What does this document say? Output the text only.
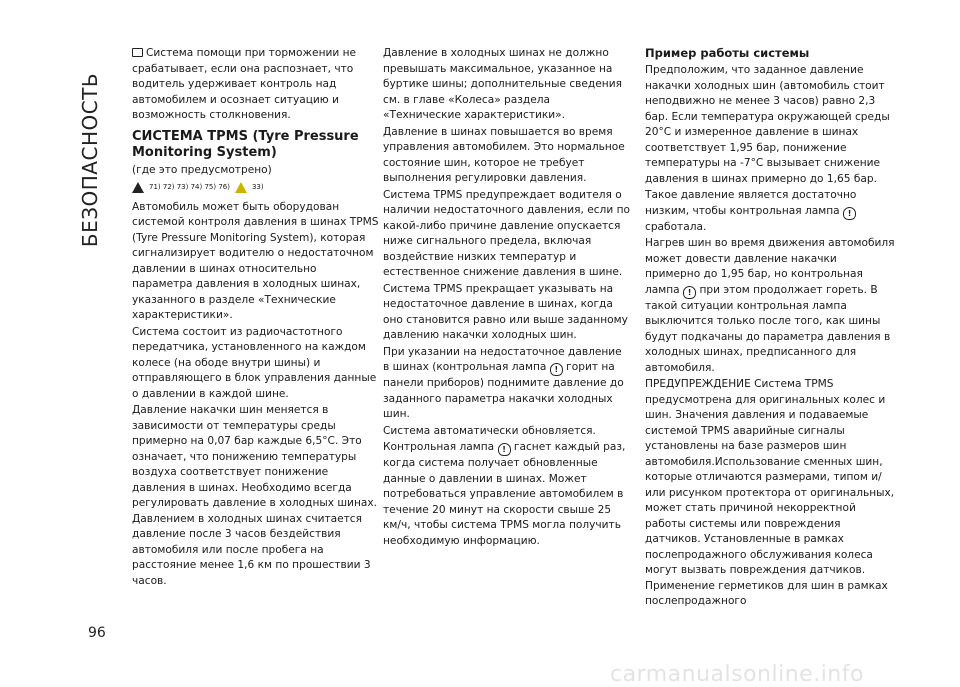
БЕЗОПАСНОСТЬ

Система помощи при торможении не срабатывает, если она распознает, что водитель удерживает контроль над автомобилем и осознает ситуацию и возможность столкновения.

СИСТЕМА TPMS (Tyre Pressure Monitoring System)

(где это предусмотрено)

71) 72) 73) 74) 75) 76)	33)

Автомобиль может быть оборудован системой контроля давления в шинах TPMS (Tyre Pressure Monitoring System), которая сигнализирует водителю о недостаточном давлении в шинах относительно параметра давления в холодных шинах, указанного в разделе «Технические характеристики».

Система состоит из радиочастотного передатчика, установленного на каждом колесе (на ободе внутри шины) и отправляющего в блок управления данные о давлении в каждой шине.

Давление накачки шин меняется в зависимости от температуры среды примерно на 0,07 бар каждые 6,5°C. Это означает, что понижению температуры воздуха соответствует понижение давления в шинах. Необходимо всегда регулировать давление в холодных шинах. Давлением в холодных шинах считается давление после 3 часов бездействия автомобиля или после пробега на расстояние менее 1,6 км по прошествии 3 часов.

Давление в холодных шинах не должно превышать максимальное, указанное на буртике шины; дополнительные сведения см. в главе «Колеса» раздела «Технические характеристики».

Давление в шинах повышается во время управления автомобилем. Это нормальное состояние шин, которое не требует выполнения регулировки давления.

Система TPMS предупреждает водителя о наличии недостаточного давления, если по какой-либо причине давление опускается ниже сигнального предела, включая воздействие низких температур и естественное снижение давления в шине.

Система TPMS прекращает указывать на недостаточное давление в шинах, когда оно становится равно или выше заданному давлению накачки холодных шин.

При указании на недостаточное давление в шинах (контрольная лампа ! горит на панели приборов) поднимите давление до заданного параметра накачки холодных шин.

Система автоматически обновляется.

Контрольная лампа ! гаснет каждый раз, когда система получает обновленные данные о давлении в шинах. Может потребоваться управление автомобилем в течение 20 минут на скорости свыше 25 км/ч, чтобы система TPMS могла получить необходимую информацию.

Пример работы системы

Предположим, что заданное давление накачки холодных шин (автомобиль стоит неподвижно не менее 3 часов) равно 2,3 бар. Если температура окружающей среды 20°C и измеренное давление в шинах соответствует 1,95 бар, понижение температуры на -7°C вызывает снижение давления в шинах примерно до 1,65 бар.

Такое давление является достаточно низким, чтобы контрольная лампа ! сработала.

Нагрев шин во время движения автомобиля может довести давление накачки примерно до 1,95 бар, но контрольная лампа ! при этом продолжает гореть. В такой ситуации контрольная лампа выключится только после того, как шины будут подкачаны до параметра давления в холодных шинах, предписанного для автомобиля.

ПРЕДУПРЕЖДЕНИЕ Система TPMS предусмотрена для оригинальных колес и шин. Значения давления и подаваемые системой TPMS аварийные сигналы установлены на базе размеров шин автомобиля.Использование сменных шин, которые отличаются размерами, типом и/или рисунком протектора от оригинальных, может стать причиной некорректной работы системы или повреждения датчиков. Установленные в рамках послепродажного обслуживания колеса могут вызвать повреждения датчиков. Применение герметиков для шин в рамках послепродажного

96
carmanualsonline.info
